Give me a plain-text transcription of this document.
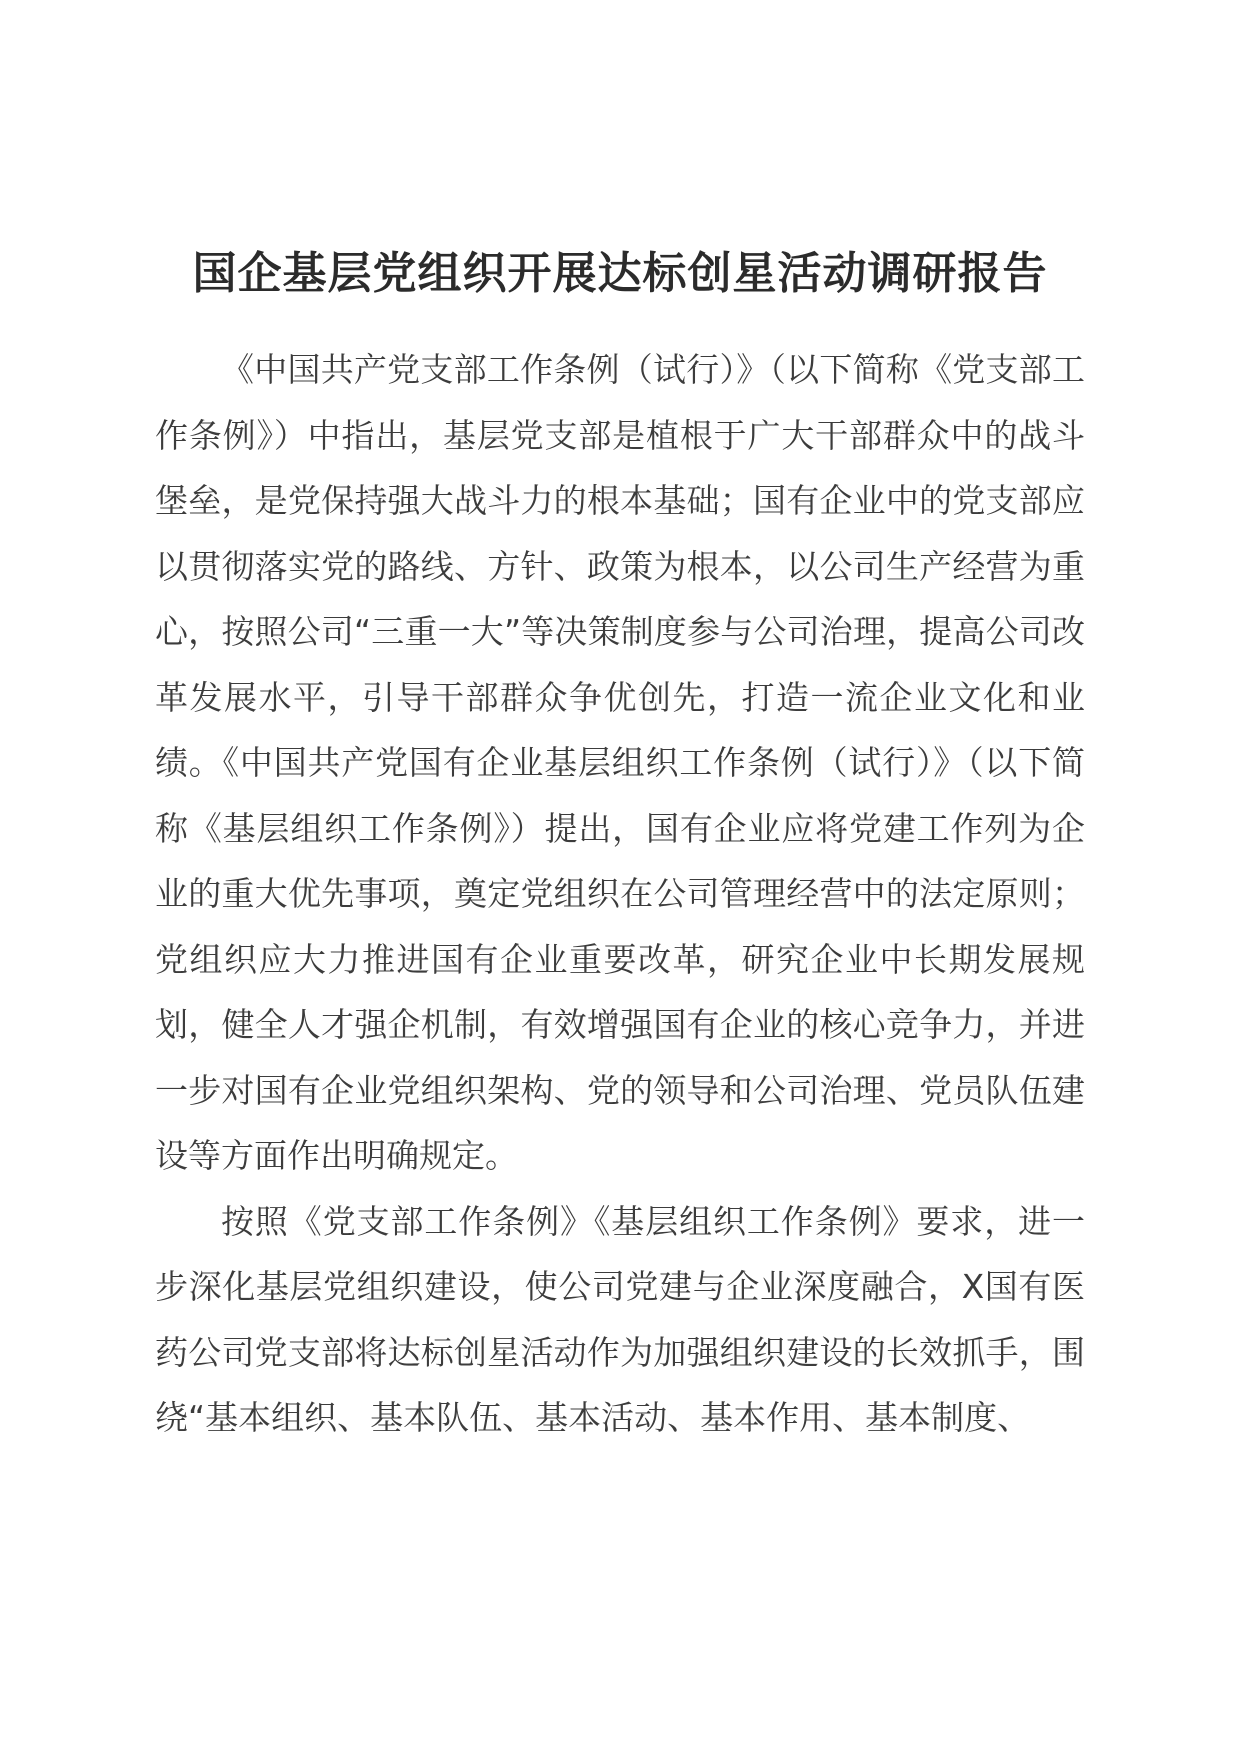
国企基层党组织开展达标创星活动调研报告

《中国共产党支部工作条例（试行）》（以下简称《党支部工作条例》）中指出，基层党支部是植根于广大干部群众中的战斗堡垒，是党保持强大战斗力的根本基础；国有企业中的党支部应以贯彻落实党的路线、方针、政策为根本，以公司生产经营为重心，按照公司“三重一大”等决策制度参与公司治理，提高公司改革发展水平，引导干部群众争优创先，打造一流企业文化和业绩。《中国共产党国有企业基层组织工作条例（试行）》（以下简称《基层组织工作条例》）提出，国有企业应将党建工作列为企业的重大优先事项，奠定党组织在公司管理经营中的法定原则；党组织应大力推进国有企业重要改革，研究企业中长期发展规划，健全人才强企机制，有效增强国有企业的核心竞争力，并进一步对国有企业党组织架构、党的领导和公司治理、党员队伍建设等方面作出明确规定。

按照《党支部工作条例》《基层组织工作条例》要求，进一步深化基层党组织建设，使公司党建与企业深度融合，X国有医药公司党支部将达标创星活动作为加强组织建设的长效抓手，围绕“基本组织、基本队伍、基本活动、基本作用、基本制度、
